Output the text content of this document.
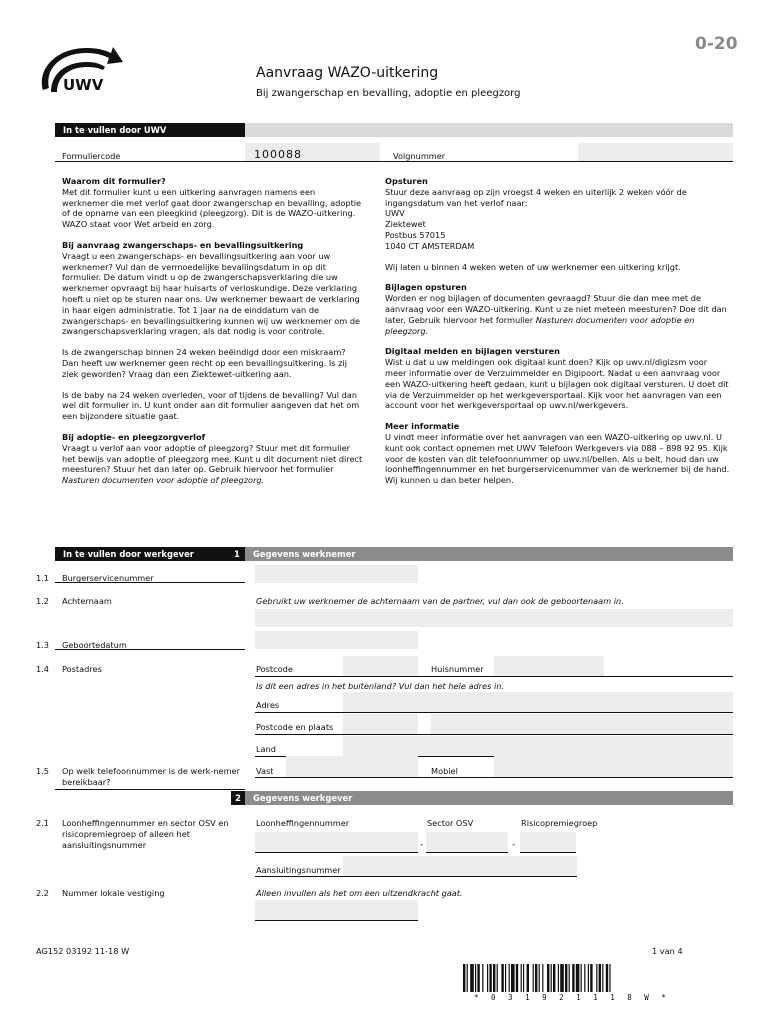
0-20
UWV
Aanvraag WAZO-uitkering
Bij zwangerschap en bevalling, adoptie en pleegzorg
In te vullen door UWV
Formuliercode	100088	Volgnummer
Waarom dit formulier?

Met dit formulier kunt u een uitkering aanvragen namens een werknemer die met verlof gaat door zwangerschap en bevalling, adoptie of de opname van een pleegkind (pleegzorg). Dit is de WAZO-uitkering. WAZO staat voor Wet arbeid en zorg.

Bij aanvraag zwangerschaps- en bevallingsuitkering

Vraagt u een zwangerschaps- en bevallingsuitkering aan voor uw werknemer? Vul dan de vermoedelijke bevallingsdatum in op dit formulier. De datum vindt u op de zwangerschapsverklaring die uw werknemer opvraagt bij haar huisarts of verloskundige. Deze verklaring hoeft u niet op te sturen naar ons. Uw werknemer bewaart de verklaring in haar eigen administratie. Tot 1 jaar na de einddatum van de zwangerschaps- en bevallingsuitkering kunnen wij uw werknemer om de zwangerschapsverklaring vragen, als dat nodig is voor controle.

Is de zwangerschap binnen 24 weken beëindigd door een miskraam? Dan heeft uw werknemer geen recht op een bevallingsuitkering. Is zij ziek geworden? Vraag dan een Ziektewet-uitkering aan.

Is de baby na 24 weken overleden, voor of tijdens de bevalling? Vul dan wel dit formulier in. U kunt onder aan dit formulier aangeven dat het om een bijzondere situatie gaat.

Bij adoptie- en pleegzorgverlof

Vraagt u verlof aan voor adoptie of pleegzorg? Stuur met dit formulier het bewijs van adoptie of pleegzorg mee. Kunt u dit document niet direct meesturen? Stuur het dan later op. Gebruik hiervoor het formulier Nasturen documenten voor adoptie of pleegzorg.

Opsturen

Stuur deze aanvraag op zijn vroegst 4 weken en uiterlijk 2 weken vóór de ingangsdatum van het verlof naar:

UWV
Ziektewet
Postbus 57015
1040 CT AMSTERDAM

Wij laten u binnen 4 weken weten of uw werknemer een uitkering krijgt.

Bijlagen opsturen

Worden er nog bijlagen of documenten gevraagd? Stuur die dan mee met de aanvraag voor een WAZO-uitkering. Kunt u ze niet meteen meesturen? Doe dit dan later. Gebruik hiervoor het formulier Nasturen documenten voor adoptie en pleegzorg.

Digitaal melden en bijlagen versturen

Wist u dat u uw meldingen ook digitaal kunt doen? Kijk op uwv.nl/digizsm voor meer informatie over de Verzuimmelder en Digipoort. Nadat u een aanvraag voor een WAZO-uitkering heeft gedaan, kunt u bijlagen ook digitaal versturen. U doet dit via de Verzuimmelder op het werkgeversportaal. Kijk voor het aanvragen van een account voor het werkgeversportaal op uwv.nl/werkgevers.

Meer informatie

U vindt meer informatie over het aanvragen van een WAZO-uitkering op uwv.nl. U kunt ook contact opnemen met UWV Telefoon Werkgevers via 088 – 898 92 95. Kijk voor de kosten van dit telefoonnummer op uwv.nl/bellen. Als u belt, houd dan uw loonheffingennummer en het burgerservicenummer van de werknemer bij de hand. Wij kunnen u dan beter helpen.

In te vullen door werkgever	1	Gegevens werknemer
1.1 Burgerservicenummer
1.2 Achternaam	Gebruikt uw werknemer de achternaam van de partner, vul dan ook de geboortenaam in.
1.3 Geboortedatum
1.4 Postadres	Postcode	Huisnummer
Is dit een adres in het buitenland? Vul dan het hele adres in.
Adres
Postcode en plaats
Land
1.5 Op welk telefoonnummer is de werk-nemer bereikbaar?
Vast	Mobiel
2	Gegevens werkgever
2.1 Loonheffingennummer en sector OSV en risicopremiegroep of alleen het aansluitingsnummer
Loonheffingennummer	Sector OSV	Risicopremiegroep
-	-
Aansluitingsnummer
2.2 Nummer lokale vestiging	Alleen invullen als het om een uitzendkracht gaat.
AG152 03192 11-18 W	1 van 4
* 0 3 1 9 2 1 1 1 8 W *
